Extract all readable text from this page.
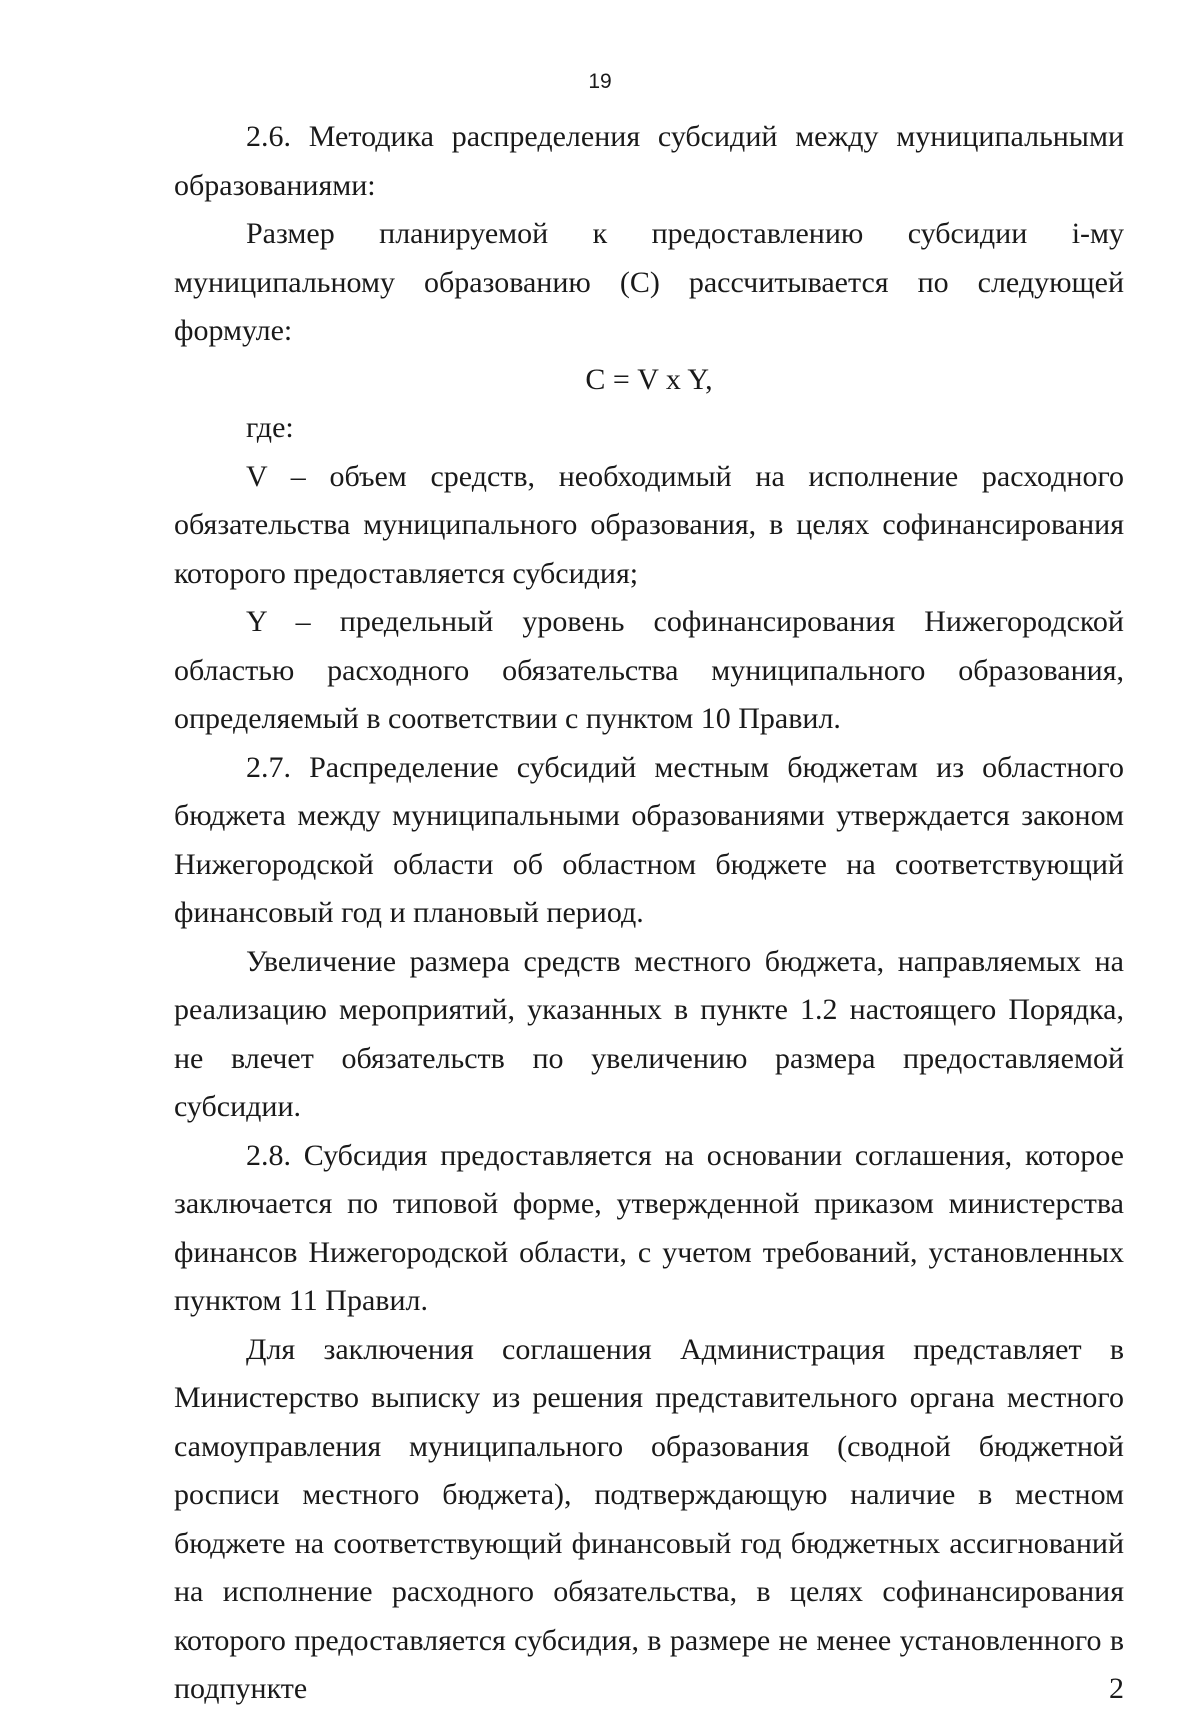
19

2.6. Методика распределения субсидий между муниципальными образованиями:

Размер планируемой к предоставлению субсидии i-му муниципальному образованию (С) рассчитывается по следующей формуле:

С = V x Y,

где:

V – объем средств, необходимый на исполнение расходного обязательства муниципального образования, в целях софинансирования которого предоставляется субсидия;

Y – предельный уровень софинансирования Нижегородской областью расходного обязательства муниципального образования, определяемый в соответствии с пунктом 10 Правил.

2.7. Распределение субсидий местным бюджетам из областного бюджета между муниципальными образованиями утверждается законом Нижегородской области об областном бюджете на соответствующий финансовый год и плановый период.

Увеличение размера средств местного бюджета, направляемых на реализацию мероприятий, указанных в пункте 1.2 настоящего Порядка, не влечет обязательств по увеличению размера предоставляемой субсидии.

2.8. Субсидия предоставляется на основании соглашения, которое заключается по типовой форме, утвержденной приказом министерства финансов Нижегородской области, с учетом требований, установленных пунктом 11 Правил.

Для заключения соглашения Администрация представляет в Министерство выписку из решения представительного органа местного самоуправления муниципального образования (сводной бюджетной росписи местного бюджета), подтверждающую наличие в местном бюджете на соответствующий финансовый год бюджетных ассигнований на исполнение расходного обязательства, в целях софинансирования которого предоставляется субсидия, в размере не менее установленного в подпункте 2
